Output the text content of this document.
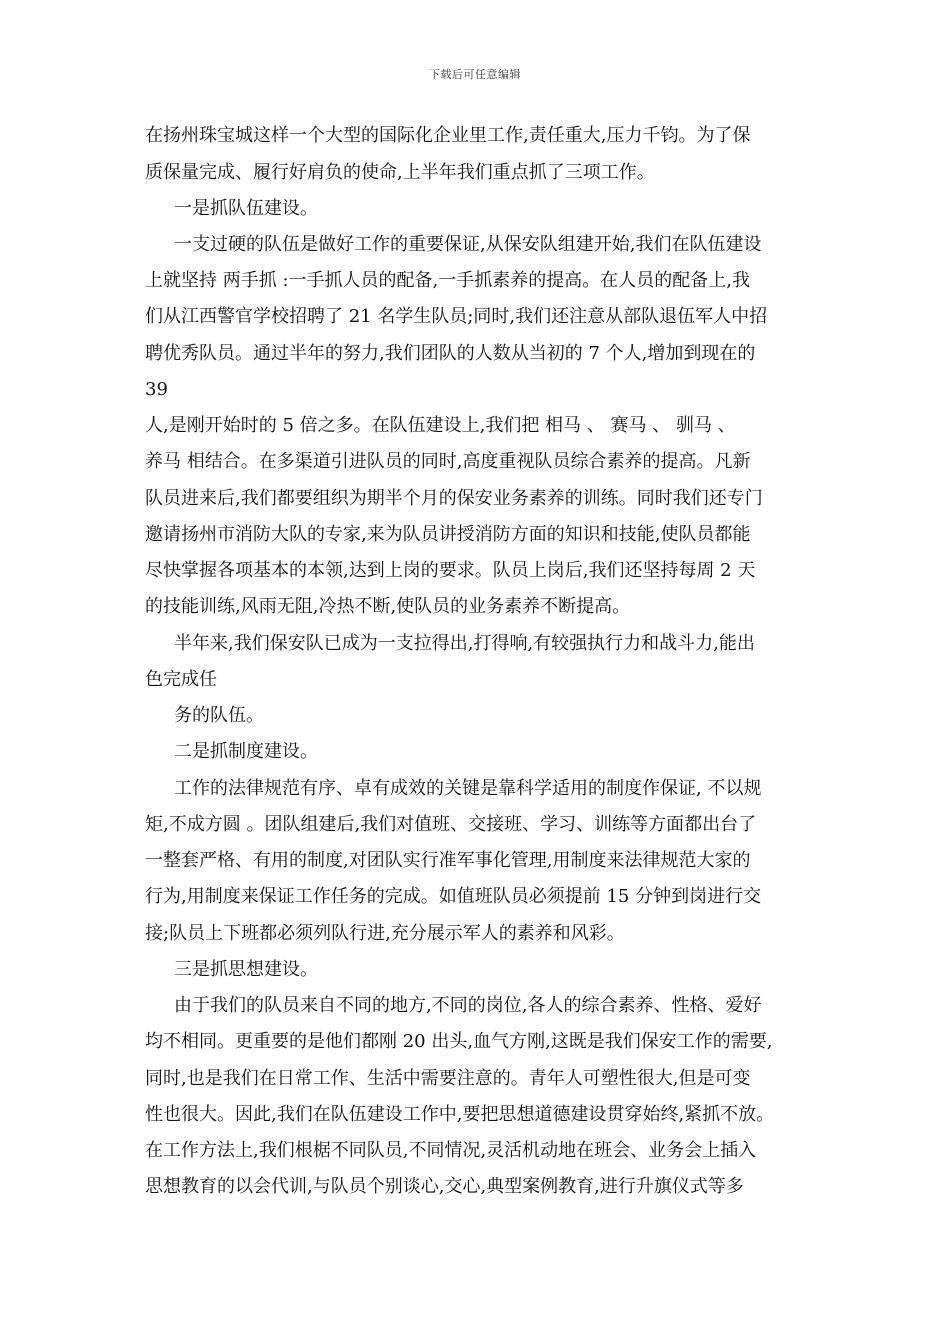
下载后可任意编辑
在扬州珠宝城这样一个大型的国际化企业里工作,责任重大,压力千钧。为了保
质保量完成、履行好肩负的使命,上半年我们重点抓了三项工作。
一是抓队伍建设。
一支过硬的队伍是做好工作的重要保证,从保安队组建开始,我们在队伍建设
上就坚持 两手抓 :一手抓人员的配备,一手抓素养的提高。在人员的配备上,我
们从江西警官学校招聘了 21 名学生队员;同时,我们还注意从部队退伍军人中招
聘优秀队员。通过半年的努力,我们团队的人数从当初的 7 个人,增加到现在的
39
人,是刚开始时的 5 倍之多。在队伍建设上,我们把 相马 、 赛马 、 驯马 、
养马 相结合。在多渠道引进队员的同时,高度重视队员综合素养的提高。凡新
队员进来后,我们都要组织为期半个月的保安业务素养的训练。同时我们还专门
邀请扬州市消防大队的专家,来为队员讲授消防方面的知识和技能,使队员都能
尽快掌握各项基本的本领,达到上岗的要求。队员上岗后,我们还坚持每周 2 天
的技能训练,风雨无阻,冷热不断,使队员的业务素养不断提高。
半年来,我们保安队已成为一支拉得出,打得响,有较强执行力和战斗力,能出
色完成任
务的队伍。
二是抓制度建设。
工作的法律规范有序、卓有成效的关键是靠科学适用的制度作保证, 不以规
矩,不成方圆 。团队组建后,我们对值班、交接班、学习、训练等方面都出台了
一整套严格、有用的制度,对团队实行准军事化管理,用制度来法律规范大家的
行为,用制度来保证工作任务的完成。如值班队员必须提前 15 分钟到岗进行交
接;队员上下班都必须列队行进,充分展示军人的素养和风彩。
三是抓思想建设。
由于我们的队员来自不同的地方,不同的岗位,各人的综合素养、性格、爱好
均不相同。更重要的是他们都刚 20 出头,血气方刚,这既是我们保安工作的需要,
同时,也是我们在日常工作、生活中需要注意的。青年人可塑性很大,但是可变
性也很大。因此,我们在队伍建设工作中,要把思想道德建设贯穿始终,紧抓不放。
在工作方法上,我们根椐不同队员,不同情况,灵活机动地在班会、业务会上插入
思想教育的以会代训,与队员个别谈心,交心,典型案例教育,进行升旗仪式等多
